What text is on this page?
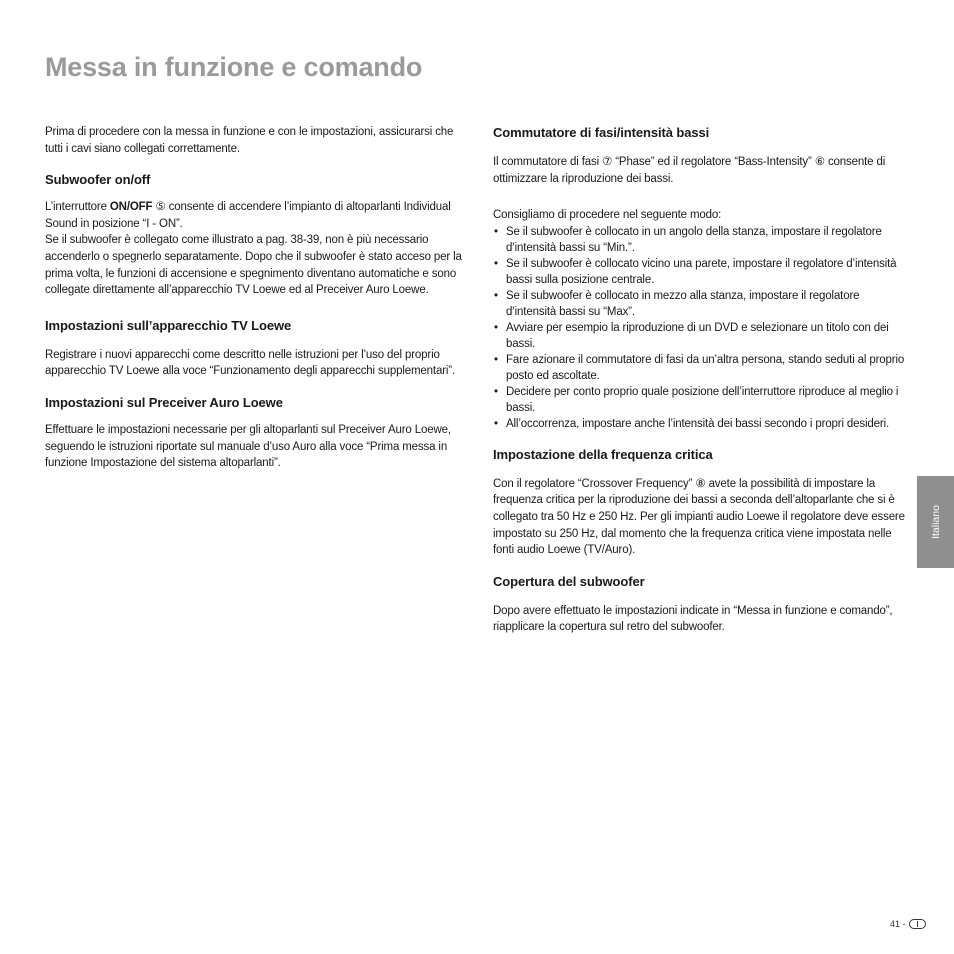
Messa in funzione e comando

Prima di procedere con la messa in funzione e con le impostazioni, assicurarsi che tutti i cavi siano collegati correttamente.

Subwoofer on/off

L’interruttore ON/OFF ⑤ consente di accendere l’impianto di altoparlanti Individual Sound in posizione “I - ON”.

Se il subwoofer è collegato come illustrato a pag. 38-39, non è più necessario accenderlo o spegnerlo separatamente. Dopo che il subwoofer è stato acceso per la prima volta, le funzioni di accensione e spegnimento diventano automatiche e sono collegate direttamente all’apparecchio TV Loewe ed al Preceiver Auro Loewe.

Impostazioni sull’apparecchio TV Loewe

Registrare i nuovi apparecchi come descritto nelle istruzioni per l’uso del proprio apparecchio TV Loewe alla voce “Funzionamento degli apparecchi supplementari”.

Impostazioni sul Preceiver Auro Loewe

Effettuare le impostazioni necessarie per gli altoparlanti sul Preceiver Auro Loewe, seguendo le istruzioni riportate sul manuale d’uso Auro alla voce “Prima messa in funzione Impostazione del sistema altoparlanti”.

Commutatore di fasi/intensità bassi

Il commutatore di fasi ⑦ “Phase” ed il regolatore “Bass-Intensity” ⑥ consente di ottimizzare la riproduzione dei bassi.

Consigliamo di procedere nel seguente modo:

• Se il subwoofer è collocato in un angolo della stanza, impostare il regolatore d’intensità bassi su “Min.”.
• Se il subwoofer è collocato vicino una parete, impostare il regolatore d’intensità bassi sulla posizione centrale.
• Se il subwoofer è collocato in mezzo alla stanza, impostare il regolatore d’intensità bassi su “Max”.
• Avviare per esempio la riproduzione di un DVD e selezionare un titolo con dei bassi.
• Fare azionare il commutatore di fasi da un’altra persona, stando seduti al proprio posto ed ascoltate.
• Decidere per conto proprio quale posizione dell’interruttore riproduce al meglio i bassi.
• All’occorrenza, impostare anche l’intensità dei bassi secondo i propri desideri.
Impostazione della frequenza critica

Con il regolatore “Crossover Frequency” ⑧ avete la possibilità di impostare la frequenza critica per la riproduzione dei bassi a seconda dell’altoparlante che si è collegato tra 50 Hz e 250 Hz. Per gli impianti audio Loewe il regolatore deve essere impostato su 250 Hz, dal momento che la frequenza critica viene impostata nelle fonti audio Loewe (TV/Auro).

Copertura del subwoofer

Dopo avere effettuato le impostazioni indicate in “Messa in funzione e comando”, riapplicare la copertura sul retro del subwoofer.

Italiano
41 -
